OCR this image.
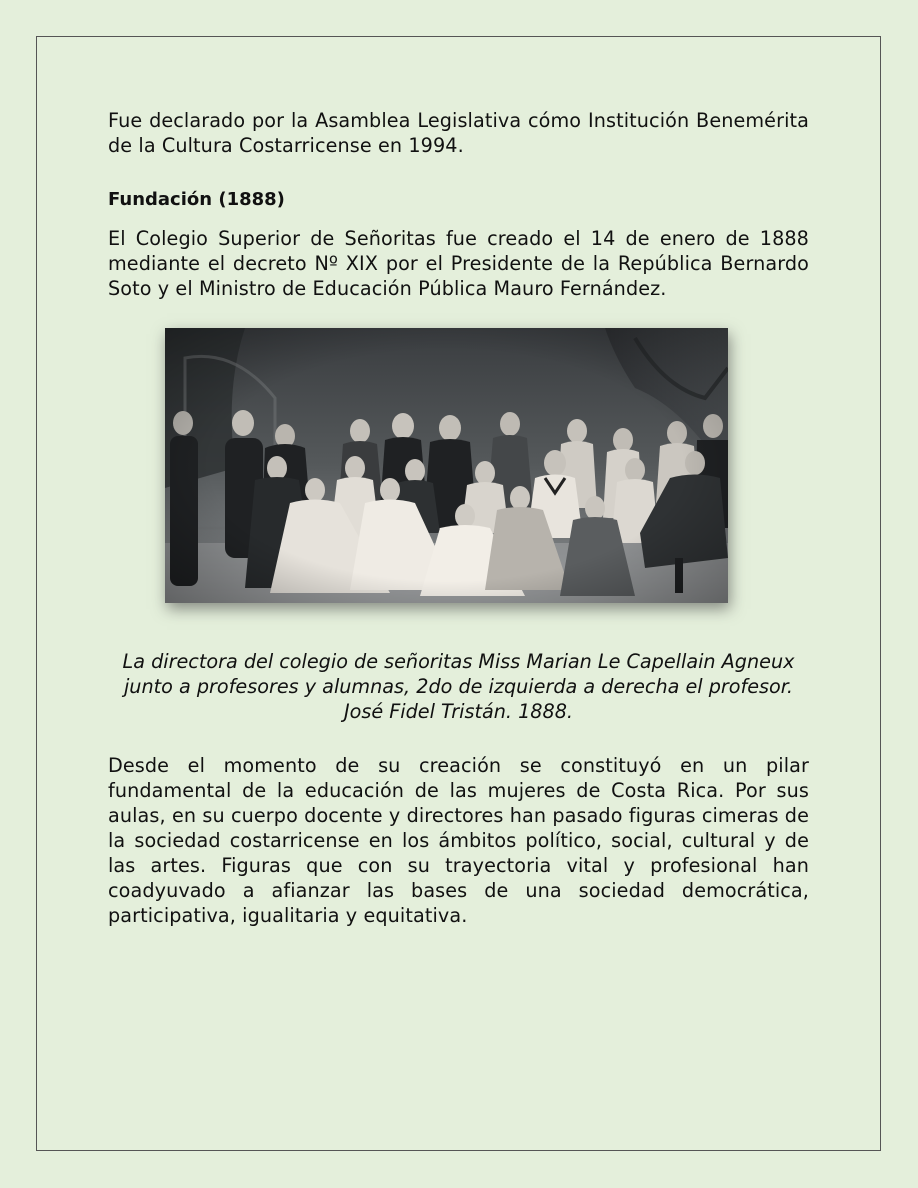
Fue declarado por la Asamblea Legislativa cómo Institución Benemérita de la Cultura Costarricense en 1994.

Fundación (1888)

El Colegio Superior de Señoritas fue creado el 14 de enero de 1888 mediante el decreto Nº XIX por el Presidente de la República Bernardo Soto y el Ministro de Educación Pública Mauro Fernández.

La directora del colegio de señoritas Miss Marian Le Capellain Agneux junto a profesores y alumnas, 2do de izquierda a derecha el profesor. José Fidel Tristán. 1888.

Desde el momento de su creación se constituyó en un pilar fundamental de la educación de las mujeres de Costa Rica. Por sus aulas, en su cuerpo docente y directores han pasado figuras cimeras de la sociedad costarricense en los ámbitos político, social, cultural y de las artes. Figuras que con su trayectoria vital y profesional han coadyuvado a afianzar las bases de una sociedad democrática, participativa, igualitaria y equitativa.
